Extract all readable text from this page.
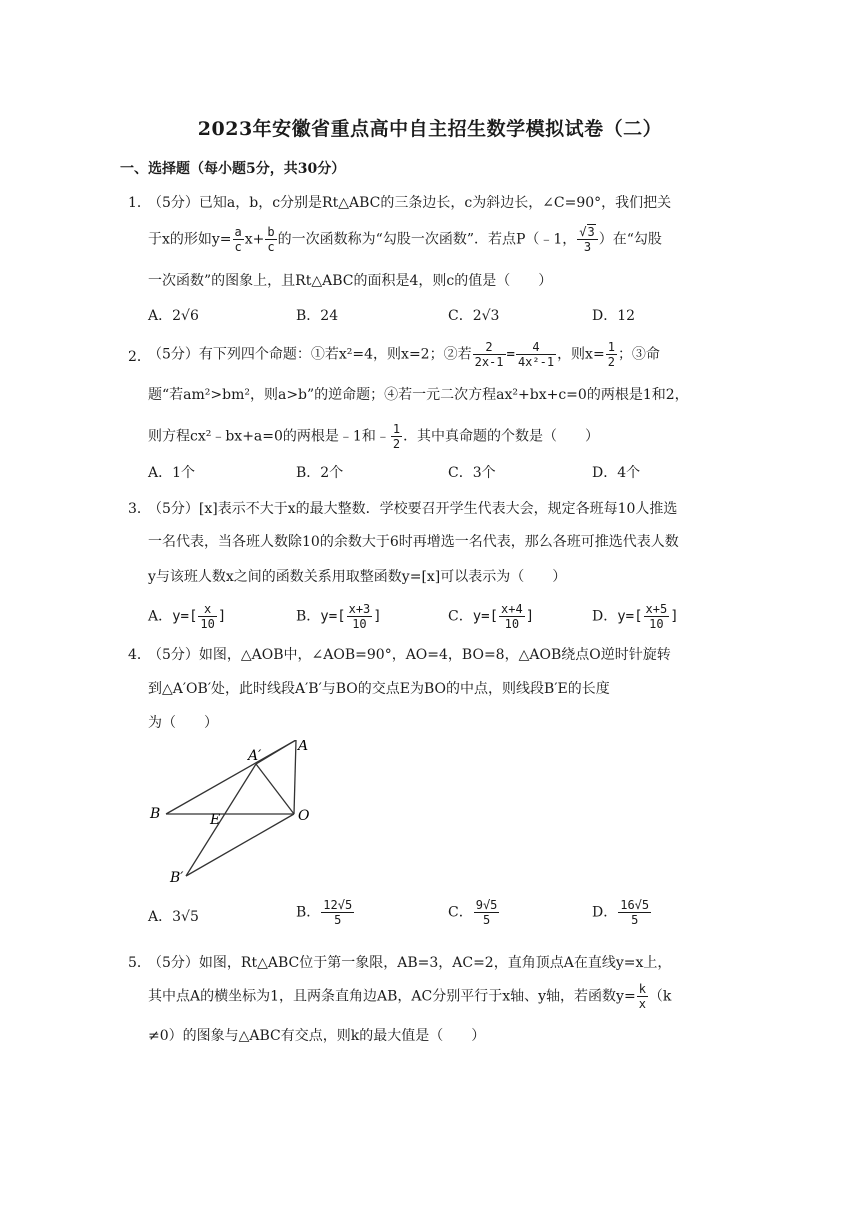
2023年安徽省重点高中自主招生数学模拟试卷（二）
一、选择题（每小题5分，共30分）
1．
（5分）已知a，b，c分别是Rt△ABC的三条边长，c为斜边长，∠C=90°，我们把关
于x的形如$y= \frac{a}{c} x+ \frac{b}{c}$ 的一次函数称为“勾股一次函数”．若点P（﹣1， $\frac{√3}{3}$ ）在“勾股
一次函数”的图象上，且Rt△ABC的面积是4，则c的值是（　　）
A．2√6	B．24	C．2√3	D．12
2．
（5分）有下列四个命题：①若x²=4，则x=2；②若 $\frac{2}{2x-1} = \frac{4}{\text{4x²-1}}$ ，则$x= \frac{1}{2}$ ；③命
题“若am²>bm²，则a>b”的逆命题；④若一元二次方程ax²+bx+c=0的两根是1和2，
则方程cx²﹣bx+a=0的两根是﹣1和﹣ $\frac{1}{2}$ ．其中真命题的个数是（　　）
A．1个	B．2个	C．3个	D．4个
3．
（5分）[x]表示不大于x的最大整数．学校要召开学生代表大会，规定各班每10人推选
一名代表，当各班人数除10的余数大于6时再增选一名代表，那么各班可推选代表人数
y与该班人数x之间的函数关系用取整函数y=[x]可以表示为（　　）
A．$y=[ \frac{x}{10}$ ]	B．$y=[ \frac{x+3}{10}$ ]	C．$y=[ \frac{x+4}{10}$ ]	D．$y=[ \frac{x+5}{10}$ ]
4．
（5分）如图，△AOB中，∠AOB=90°，AO=4，BO=8，△AOB绕点O逆时针旋转
到△A′OB′处，此时线段A′B′与BO的交点E为BO的中点，则线段B′E的长度
为（　　）
A′
A
B	E	O
B′
A．3√5	B． $\frac{12√5}{5}$	C． $\frac{9√5}{5}$	D． $\frac{16√5}{5}$
5．
（5分）如图，Rt△ABC位于第一象限，AB=3，AC=2，直角顶点A在直线y=x上，
其中点A的横坐标为1，且两条直角边AB，AC分别平行于x轴、y轴，若函数$y= \frac{k}{x} (k$
≠0）的图象与△ABC有交点，则k的最大值是（　　）
